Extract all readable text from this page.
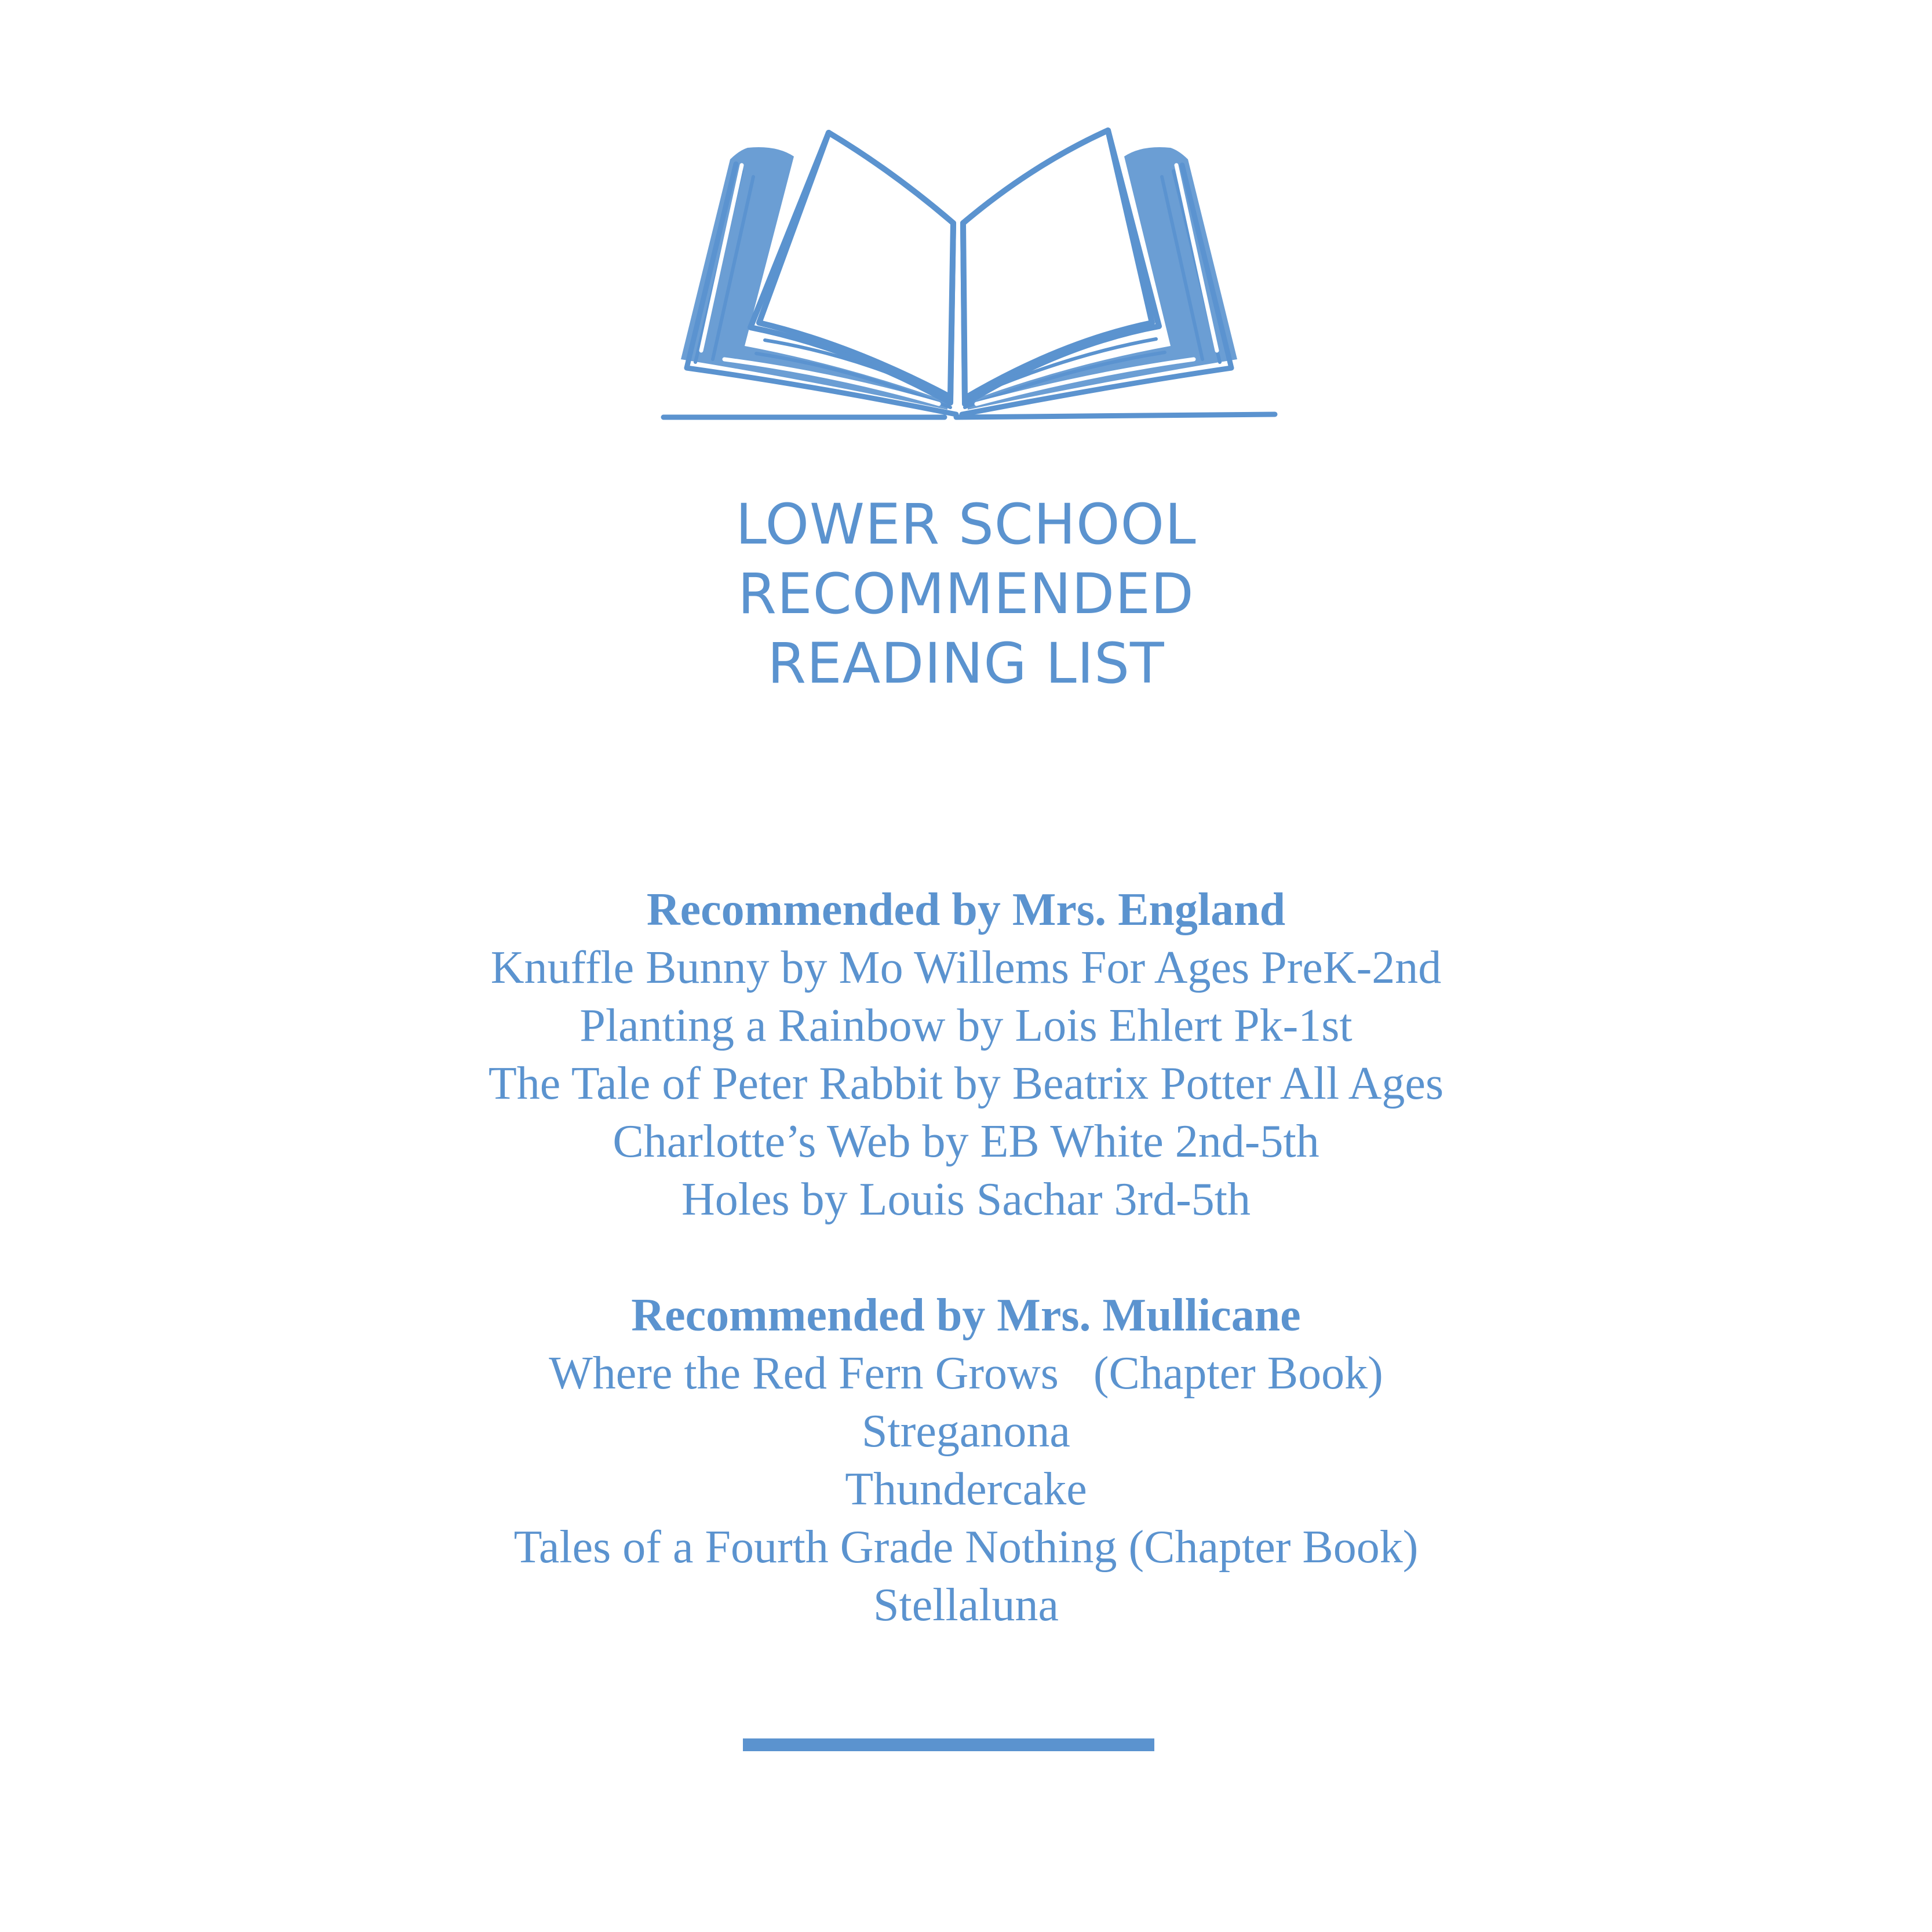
LOWER SCHOOL
RECOMMENDED
READING LIST
Recommended by Mrs. England
Knuffle Bunny by Mo Willems For Ages PreK-2nd
Planting a Rainbow by Lois Ehlert Pk-1st
The Tale of Peter Rabbit by Beatrix Potter All Ages
Charlotte’s Web by EB White 2nd-5th
Holes by Louis Sachar 3rd-5th
Recommended by Mrs. Mullicane
Where the Red Fern Grows   (Chapter Book)
Streganona
Thundercake
Tales of a Fourth Grade Nothing (Chapter Book)
Stellaluna
